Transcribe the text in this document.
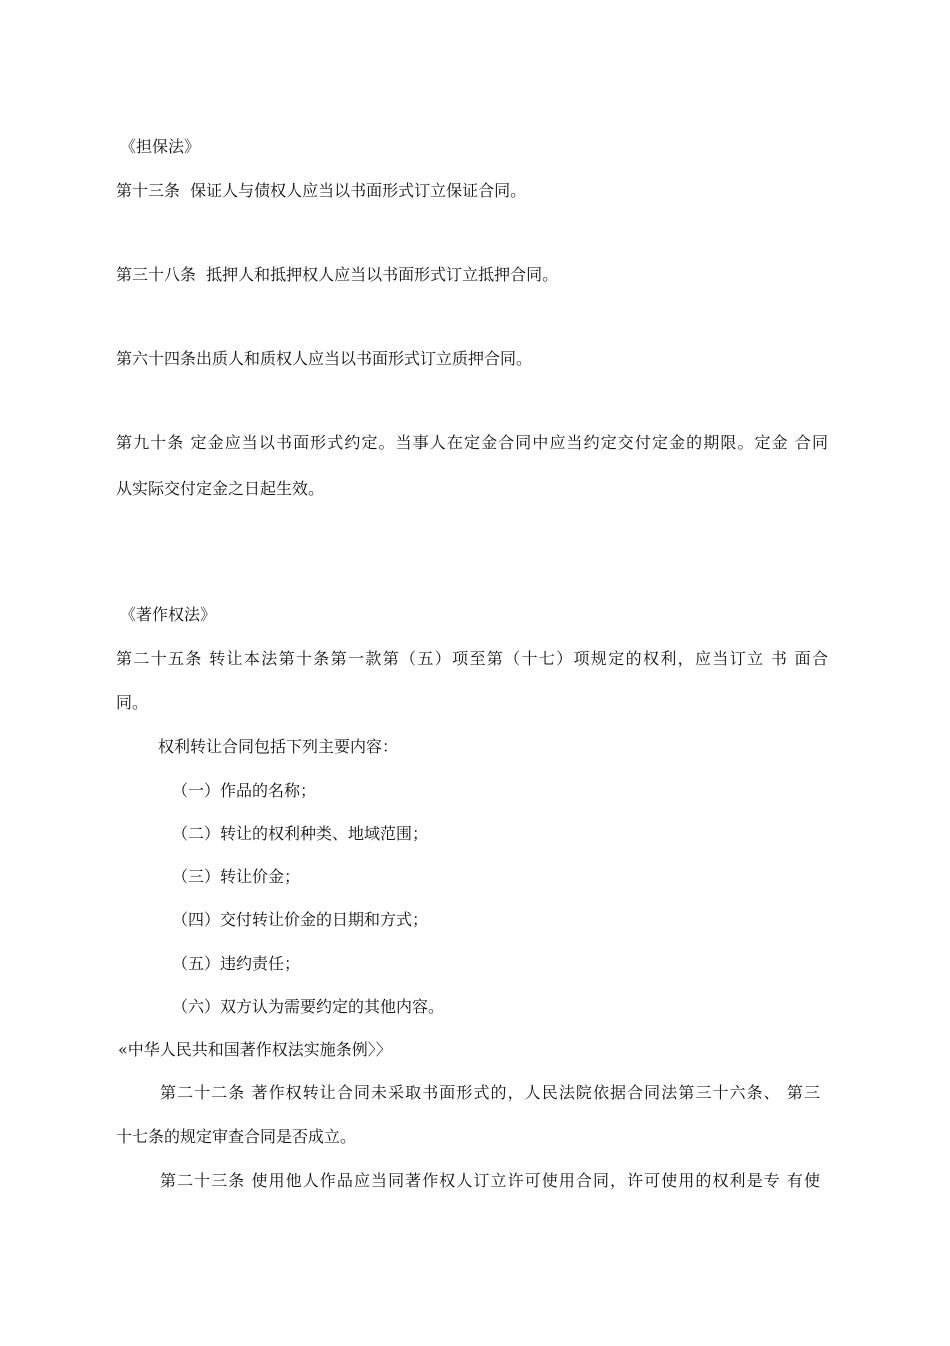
《担保法》
第十三条  保证人与债权人应当以书面形式订立保证合同。
第三十八条  抵押人和抵押权人应当以书面形式订立抵押合同。
第六十四条出质人和质权人应当以书面形式订立质押合同。
第九十条 定金应当以书面形式约定。当事人在定金合同中应当约定交付定金的期限。定金 合同
从实际交付定金之日起生效。
《著作权法》
第二十五条 转让本法第十条第一款第（五）项至第（十七）项规定的权利，应当订立 书 面合
同。
权利转让合同包括下列主要内容：
（一）作品的名称；
（二）转让的权利种类、地域范围；
（三）转让价金；
（四）交付转让价金的日期和方式；
（五）违约责任；
（六）双方认为需要约定的其他内容。
«中华人民共和国著作权法实施条例〉〉
第二十二条 著作权转让合同未采取书面形式的，人民法院依据合同法第三十六条、 第三
十七条的规定审查合同是否成立。
第二十三条 使用他人作品应当同著作权人订立许可使用合同，许可使用的权利是专 有使
